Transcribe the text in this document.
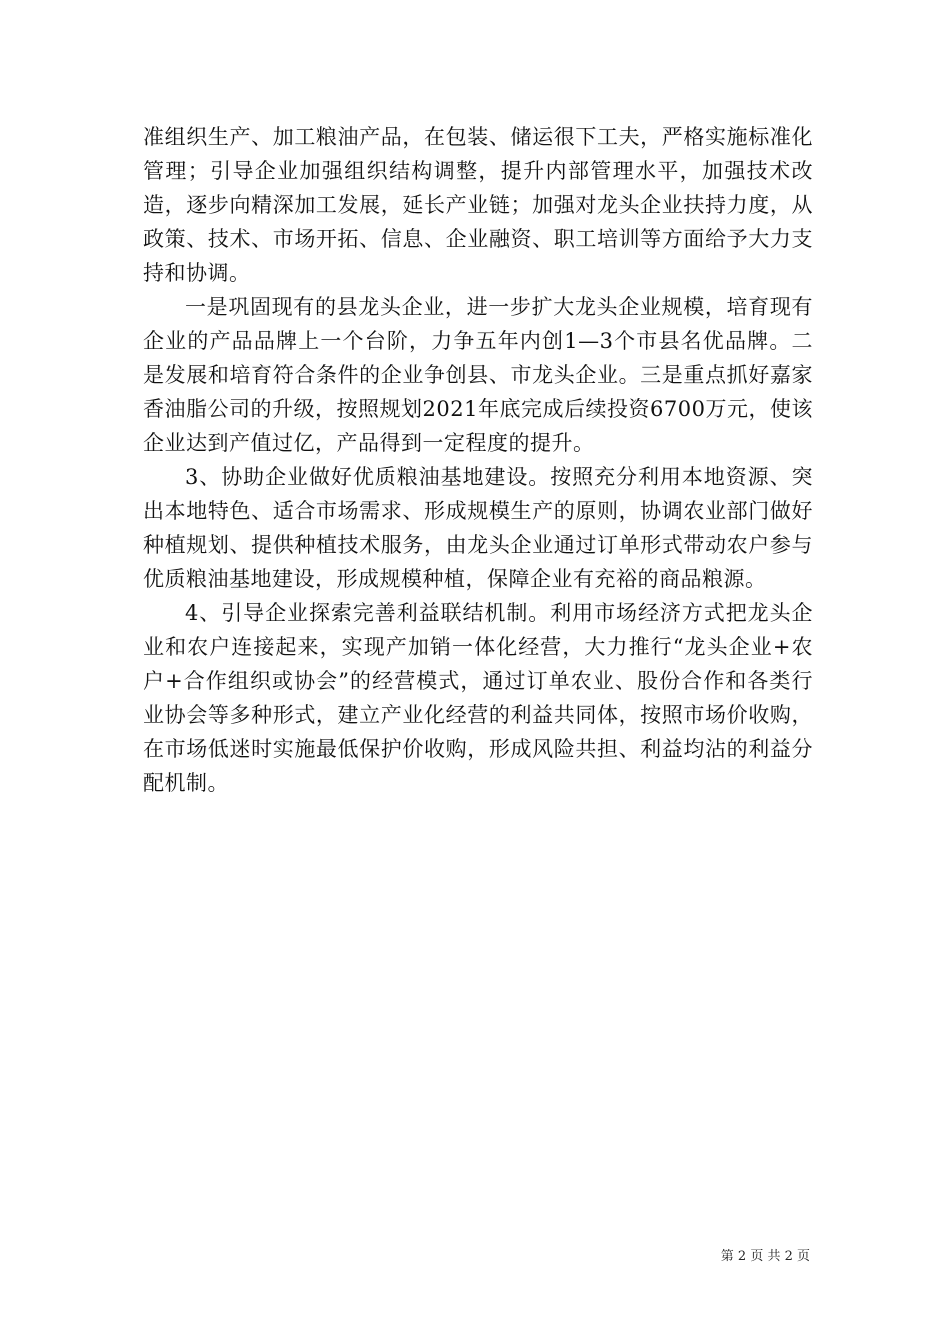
准组织生产、加工粮油产品，在包装、储运很下工夫，严格实施标准化管理；引导企业加强组织结构调整，提升内部管理水平，加强技术改造，逐步向精深加工发展，延长产业链；加强对龙头企业扶持力度，从政策、技术、市场开拓、信息、企业融资、职工培训等方面给予大力支持和协调。

一是巩固现有的县龙头企业，进一步扩大龙头企业规模，培育现有企业的产品品牌上一个台阶，力争五年内创1—3个市县名优品牌。二是发展和培育符合条件的企业争创县、市龙头企业。三是重点抓好嘉家香油脂公司的升级，按照规划2021年底完成后续投资6700万元，使该企业达到产值过亿，产品得到一定程度的提升。

3、协助企业做好优质粮油基地建设。按照充分利用本地资源、突出本地特色、适合市场需求、形成规模生产的原则，协调农业部门做好种植规划、提供种植技术服务，由龙头企业通过订单形式带动农户参与优质粮油基地建设，形成规模种植，保障企业有充裕的商品粮源。

4、引导企业探索完善利益联结机制。利用市场经济方式把龙头企业和农户连接起来，实现产加销一体化经营，大力推行“龙头企业+农户+合作组织或协会”的经营模式，通过订单农业、股份合作和各类行业协会等多种形式，建立产业化经营的利益共同体，按照市场价收购，在市场低迷时实施最低保护价收购，形成风险共担、利益均沾的利益分配机制。

第 2 页 共 2 页
